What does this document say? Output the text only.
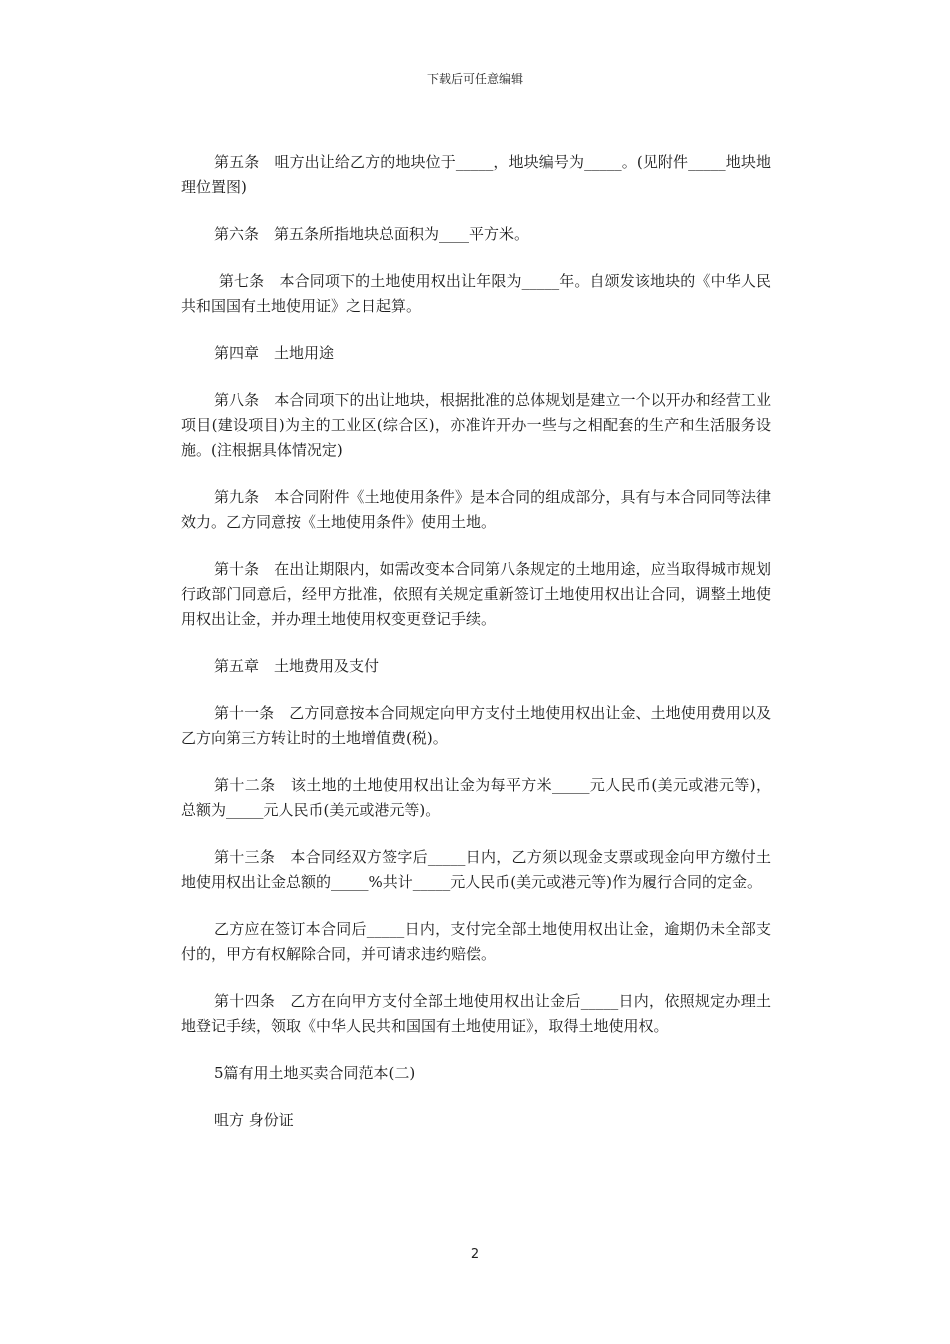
下载后可任意编辑

第五条　咀方出让给乙方的地块位于_____，地块编号为_____。(见附件_____地块地理位置图)

第六条　第五条所指地块总面积为____平方米。

第七条　本合同项下的土地使用权出让年限为_____年。自颂发该地块的《中华人民共和国国有土地使用证》之日起算。

第四章　土地用途

第八条　本合同项下的出让地块，根据批准的总体规划是建立一个以开办和经营工业项目(建设项目)为主的工业区(综合区)，亦准许开办一些与之相配套的生产和生活服务设施。(注根据具体情况定)

第九条　本合同附件《土地使用条件》是本合同的组成部分，具有与本合同同等法律效力。乙方同意按《土地使用条件》使用土地。

第十条　在出让期限内，如需改变本合同第八条规定的土地用途，应当取得城市规划行政部门同意后，经甲方批准，依照有关规定重新签订土地使用权出让合同，调整土地使用权出让金，并办理土地使用权变更登记手续。

第五章　土地费用及支付

第十一条　乙方同意按本合同规定向甲方支付土地使用权出让金、土地使用费用以及乙方向第三方转让时的土地增值费(税)。

第十二条　该土地的土地使用权出让金为每平方米_____元人民币(美元或港元等)，总额为_____元人民币(美元或港元等)。

第十三条　本合同经双方签字后_____日内，乙方须以现金支票或现金向甲方缴付土地使用权出让金总额的_____%共计_____元人民币(美元或港元等)作为履行合同的定金。

乙方应在签订本合同后_____日内，支付完全部土地使用权出让金，逾期仍未全部支付的，甲方有权解除合同，并可请求违约赔偿。

第十四条　乙方在向甲方支付全部土地使用权出让金后_____日内，依照规定办理土地登记手续，领取《中华人民共和国国有土地使用证》，取得土地使用权。

5篇有用土地买卖合同范本(二)

咀方 身份证

2
